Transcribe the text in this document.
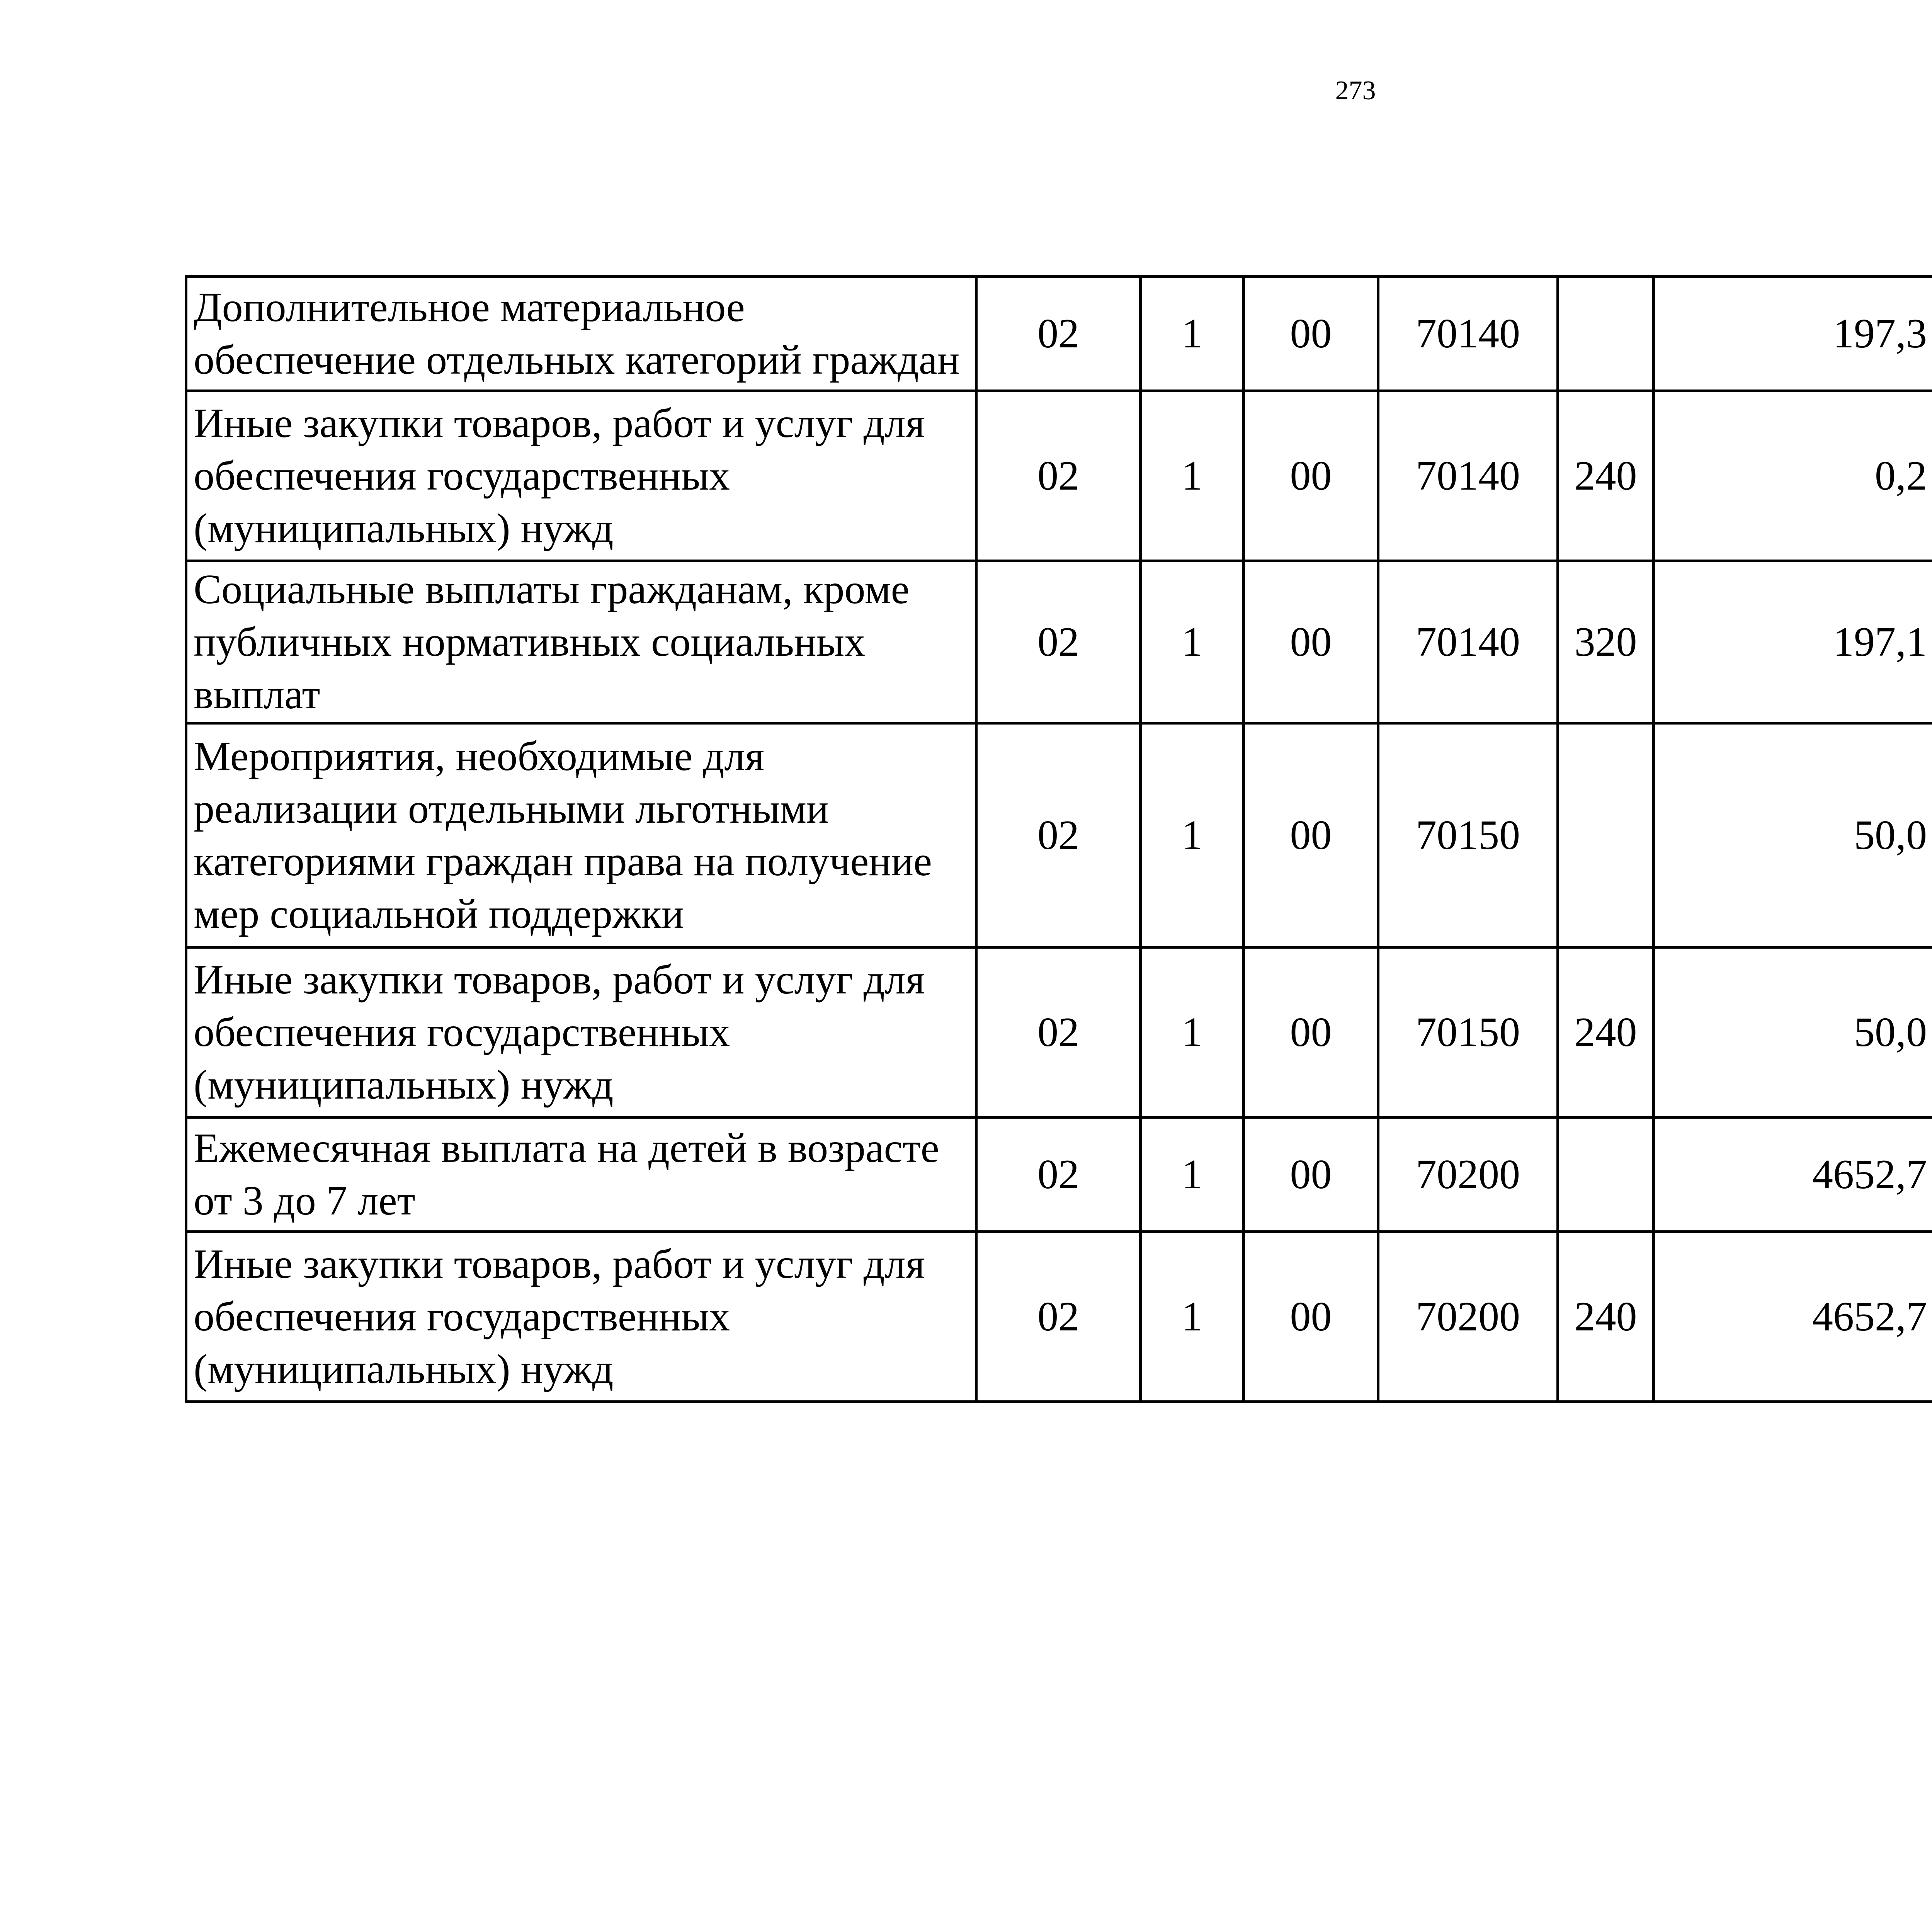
273
Дополнительное материальное обеспечение отдельных категорий граждан	02	1	00	70140		197,3		
Иные закупки товаров, работ и услуг для обеспечения государственных (муниципальных) нужд	02	1	00	70140	240	0,2		
Социальные выплаты гражданам, кроме публичных нормативных социальных выплат	02	1	00	70140	320	197,1		
Мероприятия, необходимые для реализации отдельными льготными категориями граждан права на получение мер социальной поддержки	02	1	00	70150		50,0		
Иные закупки товаров, работ и услуг для обеспечения государственных (муниципальных) нужд	02	1	00	70150	240	50,0		
Ежемесячная выплата на детей в возрасте от 3 до 7 лет	02	1	00	70200		4652,7		
Иные закупки товаров, работ и услуг для обеспечения государственных (муниципальных) нужд	02	1	00	70200	240	4652,7		
